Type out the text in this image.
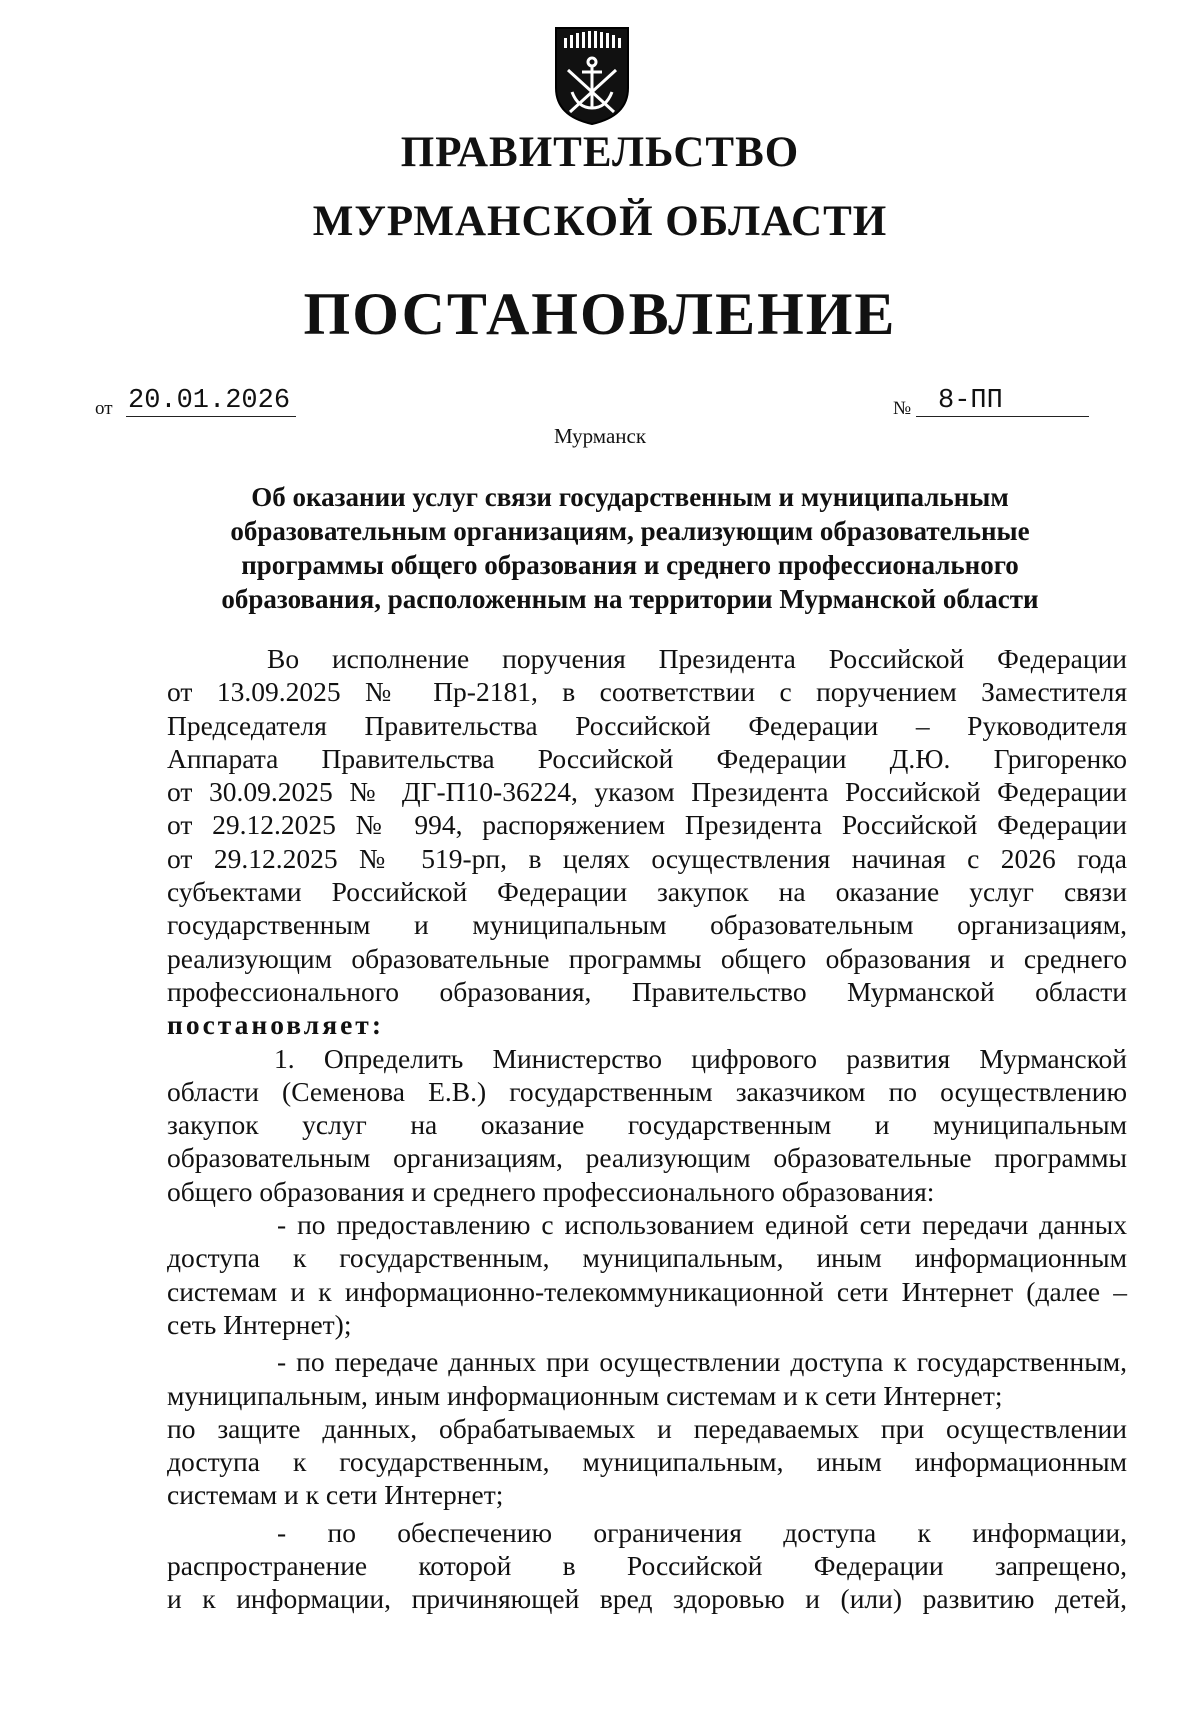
ПРАВИТЕЛЬСТВО
МУРМАНСКОЙ ОБЛАСТИ
ПОСТАНОВЛЕНИЕ
от 20.01.2026	№ 8-ПП
Мурманск
Об оказании услуг связи государственным и муниципальным
образовательным организациям, реализующим образовательные
программы общего образования и среднего профессионального
образования, расположенным на территории Мурманской области
Во исполнение поручения Президента Российской Федерации
от 13.09.2025 № Пр-2181, в соответствии с поручением Заместителя
Председателя Правительства Российской Федерации – Руководителя
Аппарата Правительства Российской Федерации Д.Ю. Григоренко
от 30.09.2025 № ДГ-П10-36224, указом Президента Российской Федерации
от 29.12.2025 № 994, распоряжением Президента Российской Федерации
от 29.12.2025 № 519-рп, в целях осуществления начиная с 2026 года
субъектами Российской Федерации закупок на оказание услуг связи
государственным и муниципальным образовательным организациям,
реализующим образовательные программы общего образования и среднего
профессионального образования, Правительство Мурманской области
постановляет:
1. Определить Министерство цифрового развития Мурманской
области (Семенова Е.В.) государственным заказчиком по осуществлению
закупок услуг на оказание государственным и муниципальным
образовательным организациям, реализующим образовательные программы
общего образования и среднего профессионального образования:
- по предоставлению с использованием единой сети передачи данных
доступа к государственным, муниципальным, иным информационным
системам и к информационно-телекоммуникационной сети Интернет (далее –
сеть Интернет);
- по передаче данных при осуществлении доступа к государственным,
муниципальным, иным информационным системам и к сети Интернет;
по защите данных, обрабатываемых и передаваемых при осуществлении
доступа к государственным, муниципальным, иным информационным
системам и к сети Интернет;
- по обеспечению ограничения доступа к информации,
распространение которой в Российской Федерации запрещено,
и к информации, причиняющей вред здоровью и (или) развитию детей,
